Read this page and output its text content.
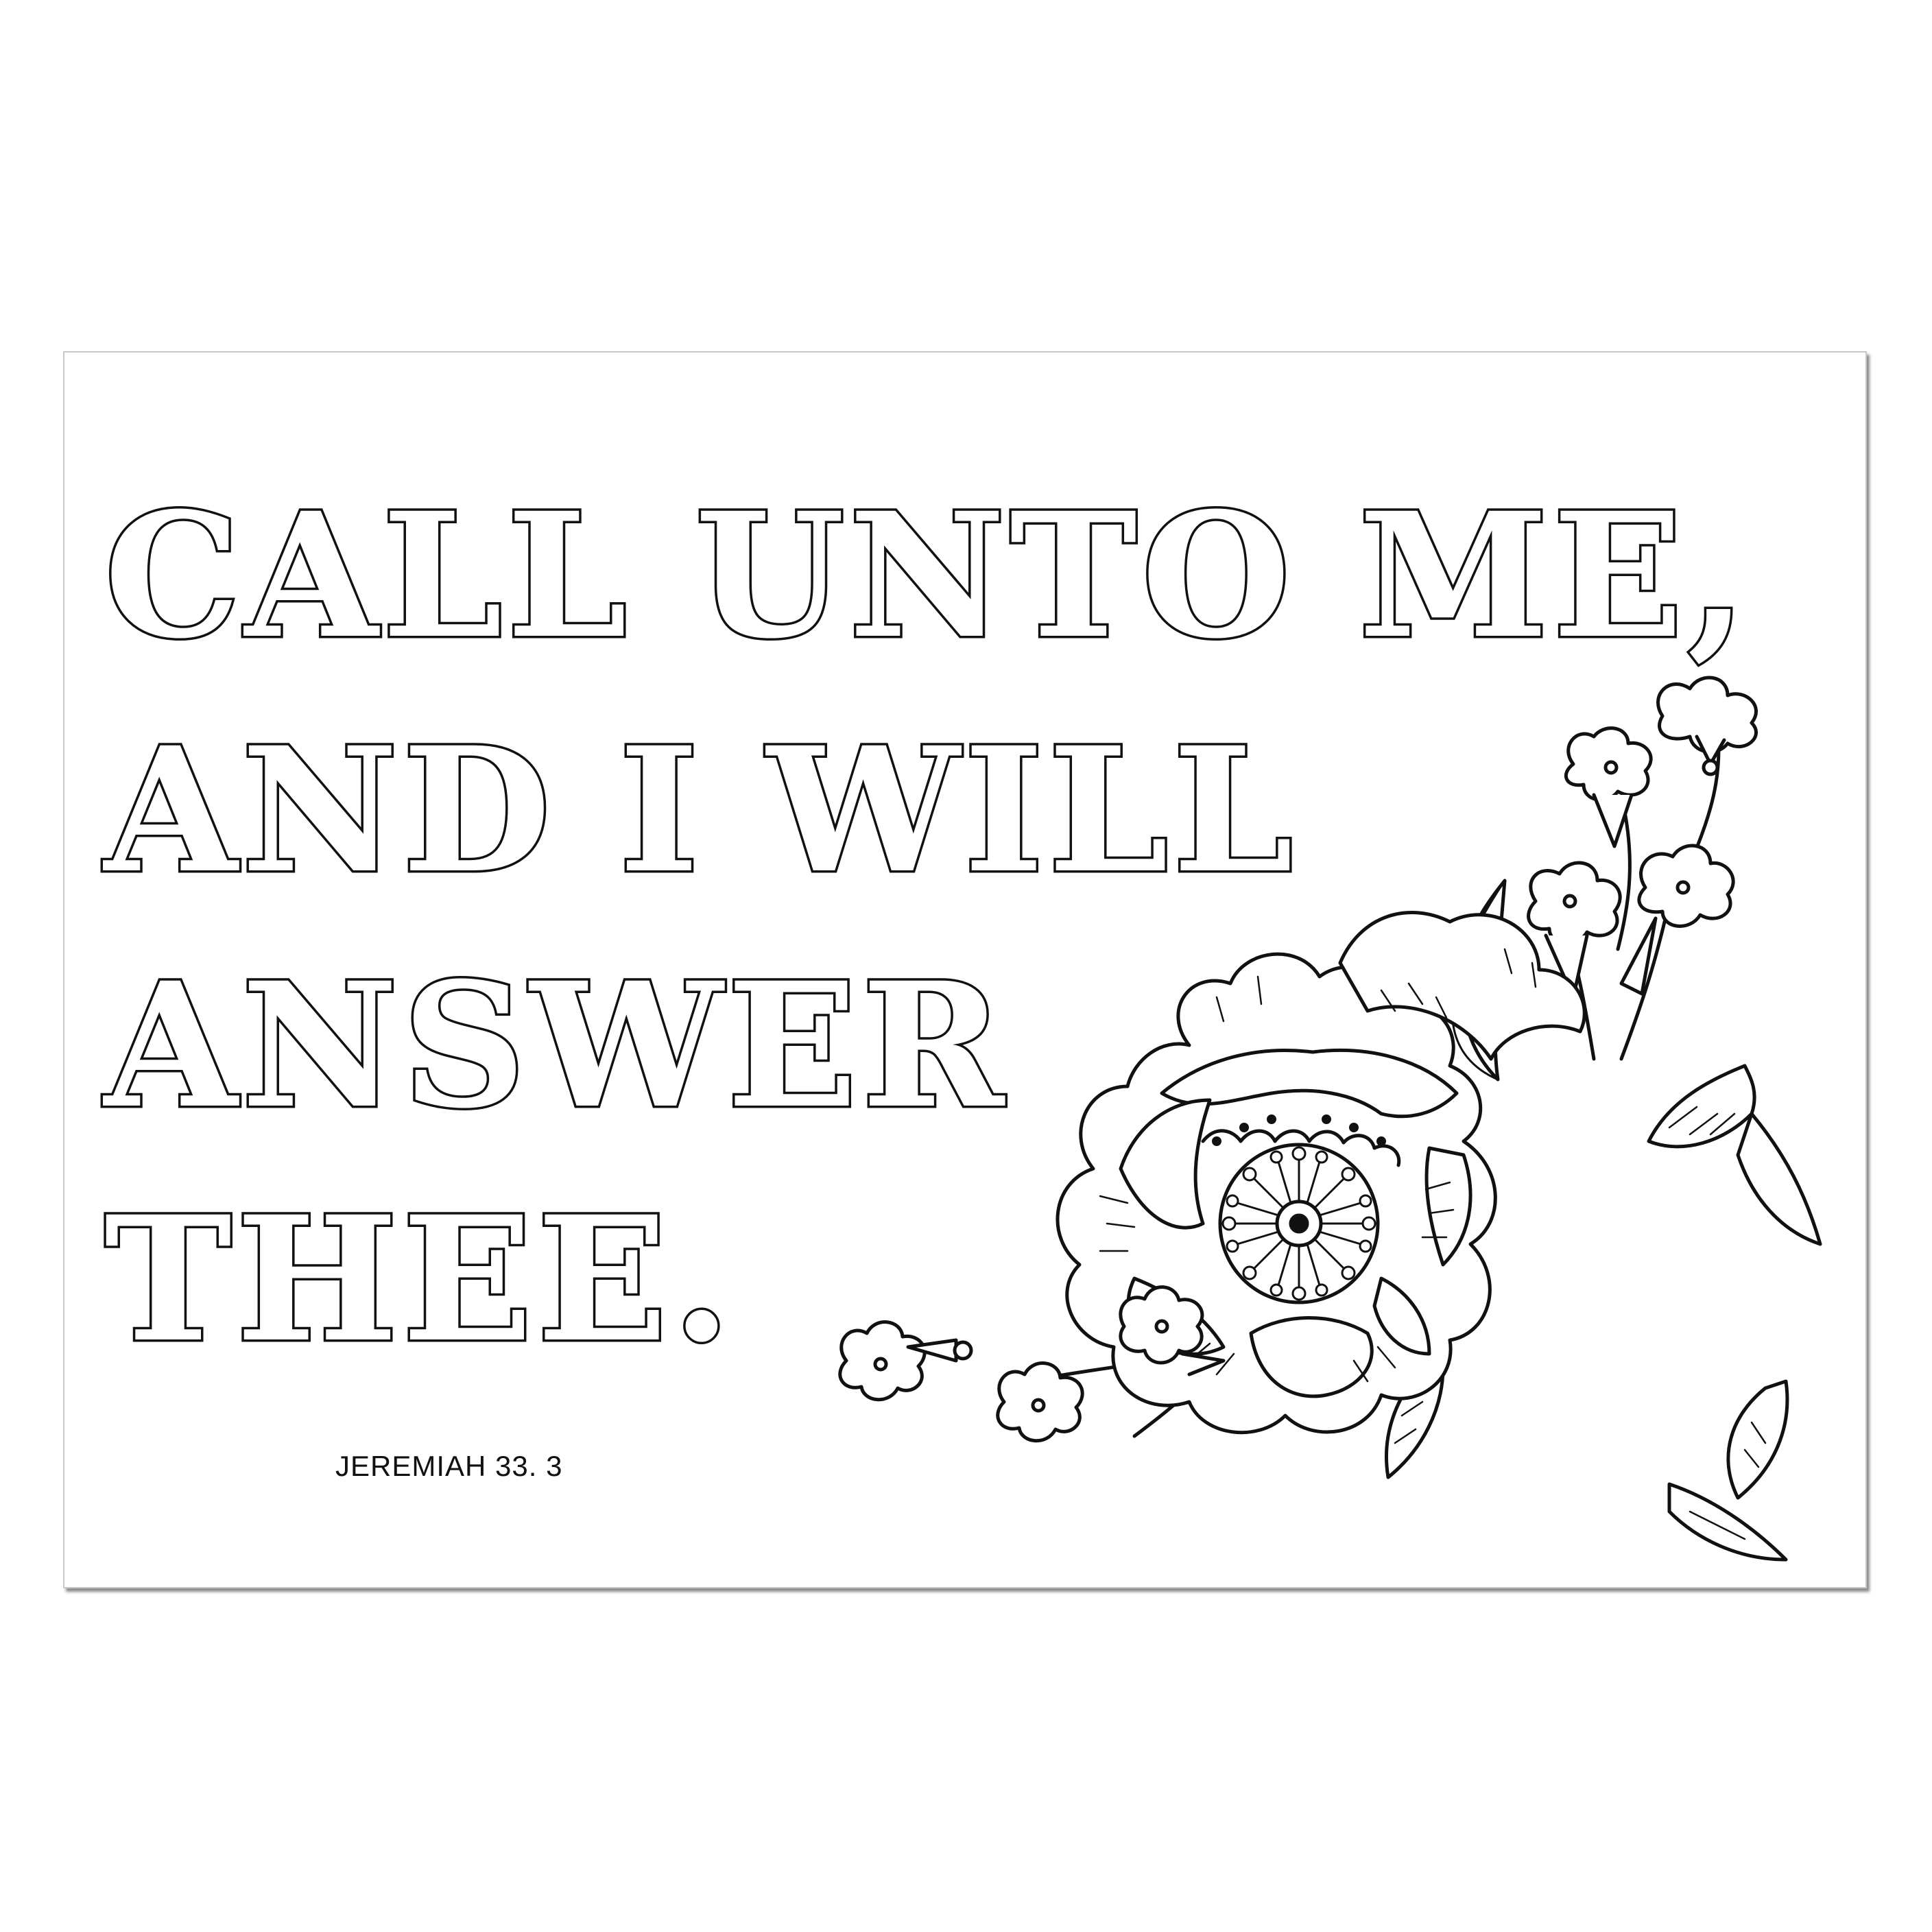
CALL UNTO ME,
AND I WILL
ANSWER
THEE.

JEREMIAH 33. 3
